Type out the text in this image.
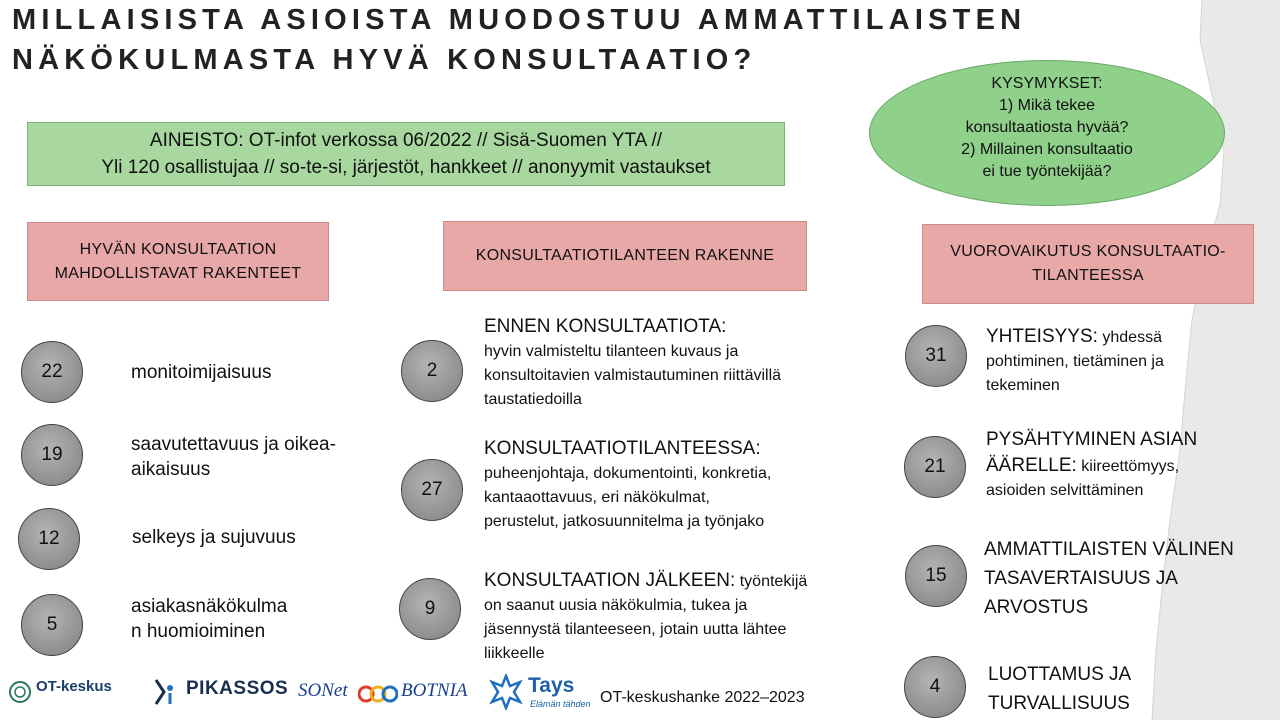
MILLAISISTA ASIOISTA MUODOSTUU AMMATTILAISTEN
NÄKÖKULMASTA HYVÄ KONSULTAATIO?
AINEISTO: OT-infot verkossa 06/2022 // Sisä-Suomen YTA //
Yli 120 osallistujaa // so-te-si, järjestöt, hankkeet // anonyymit vastaukset
KYSYMYKSET:
1) Mikä tekee
konsultaatiosta hyvää?
2) Millainen konsultaatio
ei tue työntekijää?
HYVÄN KONSULTAATION
MAHDOLLISTAVAT RAKENTEET
KONSULTAATIOTILANTEEN RAKENNE	VUOROVAIKUTUS KONSULTAATIO-
TILANTEESSA
22	monitoimijaisuus
19	saavutettavuus ja oikea-
aikaisuus
12	selkeys ja sujuvuus
5
asiakasnäkökulma
n huomioiminen
2
ENNEN KONSULTAATIOTA:
hyvin valmisteltu tilanteen kuvaus ja
konsultoitavien valmistautuminen riittävillä
taustatiedoilla
27
KONSULTAATIOTILANTEESSA:
puheenjohtaja, dokumentointi, konkretia,
kantaaottavuus, eri näkökulmat,
perustelut, jatkosuunnitelma ja työnjako
9
KONSULTAATION JÄLKEEN: työntekijä
on saanut uusia näkökulmia, tukea ja
jäsennystä tilanteeseen, jotain uutta lähtee
liikkeelle
31
YHTEISYYS: yhdessä
pohtiminen, tietäminen ja
tekeminen
21
PYSÄHTYMINEN ASIAN
ÄÄRELLE: kiireettömyys,
asioiden selvittäminen
15
AMMATTILAISTEN VÄLINEN
TASAVERTAISUUS JA
ARVOSTUS
4
LUOTTAMUS JA
TURVALLISUUS
OT-keskus	PIKASSOS SONet	BOTNIA	Tays
Elämän tähden OT-keskushanke 2022–2023
